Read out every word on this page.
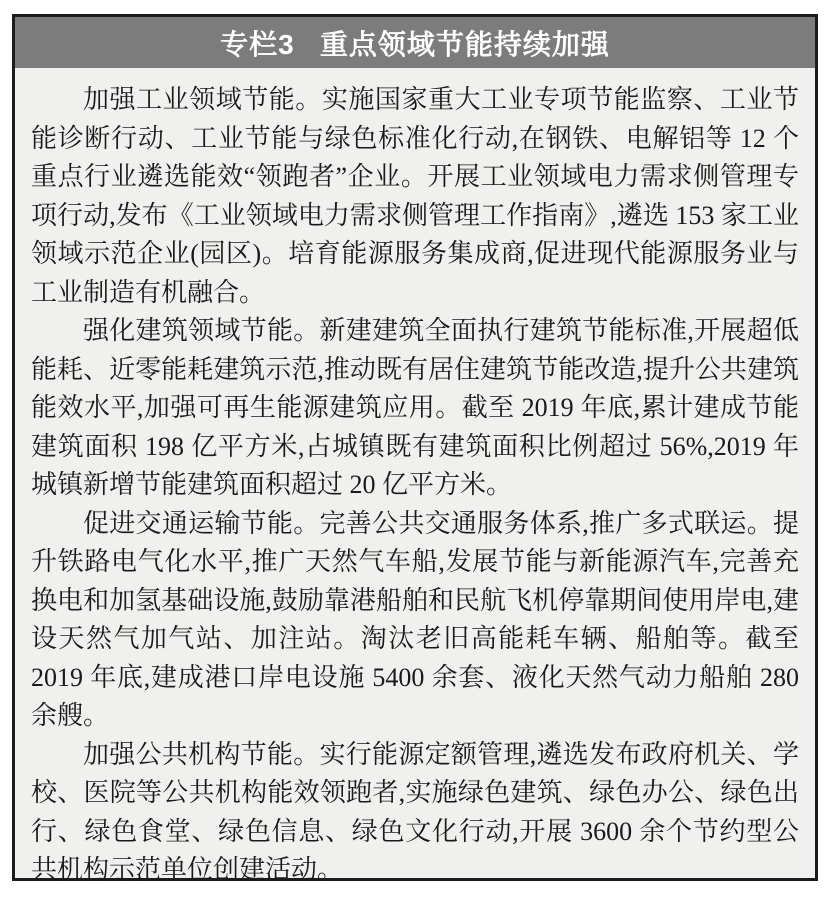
专栏3 重点领域节能持续加强

加强工业领域节能。实施国家重大工业专项节能监察、工业节能诊断行动、工业节能与绿色标准化行动,在钢铁、电解铝等 12 个重点行业遴选能效“领跑者”企业。开展工业领域电力需求侧管理专项行动,发布《工业领域电力需求侧管理工作指南》,遴选 153 家工业领域示范企业(园区)。培育能源服务集成商,促进现代能源服务业与工业制造有机融合。

强化建筑领域节能。新建建筑全面执行建筑节能标准,开展超低能耗、近零能耗建筑示范,推动既有居住建筑节能改造,提升公共建筑能效水平,加强可再生能源建筑应用。截至 2019 年底,累计建成节能建筑面积 198 亿平方米,占城镇既有建筑面积比例超过 56%,2019 年城镇新增节能建筑面积超过 20 亿平方米。

促进交通运输节能。完善公共交通服务体系,推广多式联运。提升铁路电气化水平,推广天然气车船,发展节能与新能源汽车,完善充换电和加氢基础设施,鼓励靠港船舶和民航飞机停靠期间使用岸电,建设天然气加气站、加注站。淘汰老旧高能耗车辆、船舶等。截至 2019 年底,建成港口岸电设施 5400 余套、液化天然气动力船舶 280 余艘。

加强公共机构节能。实行能源定额管理,遴选发布政府机关、学校、医院等公共机构能效领跑者,实施绿色建筑、绿色办公、绿色出行、绿色食堂、绿色信息、绿色文化行动,开展 3600 余个节约型公共机构示范单位创建活动。
